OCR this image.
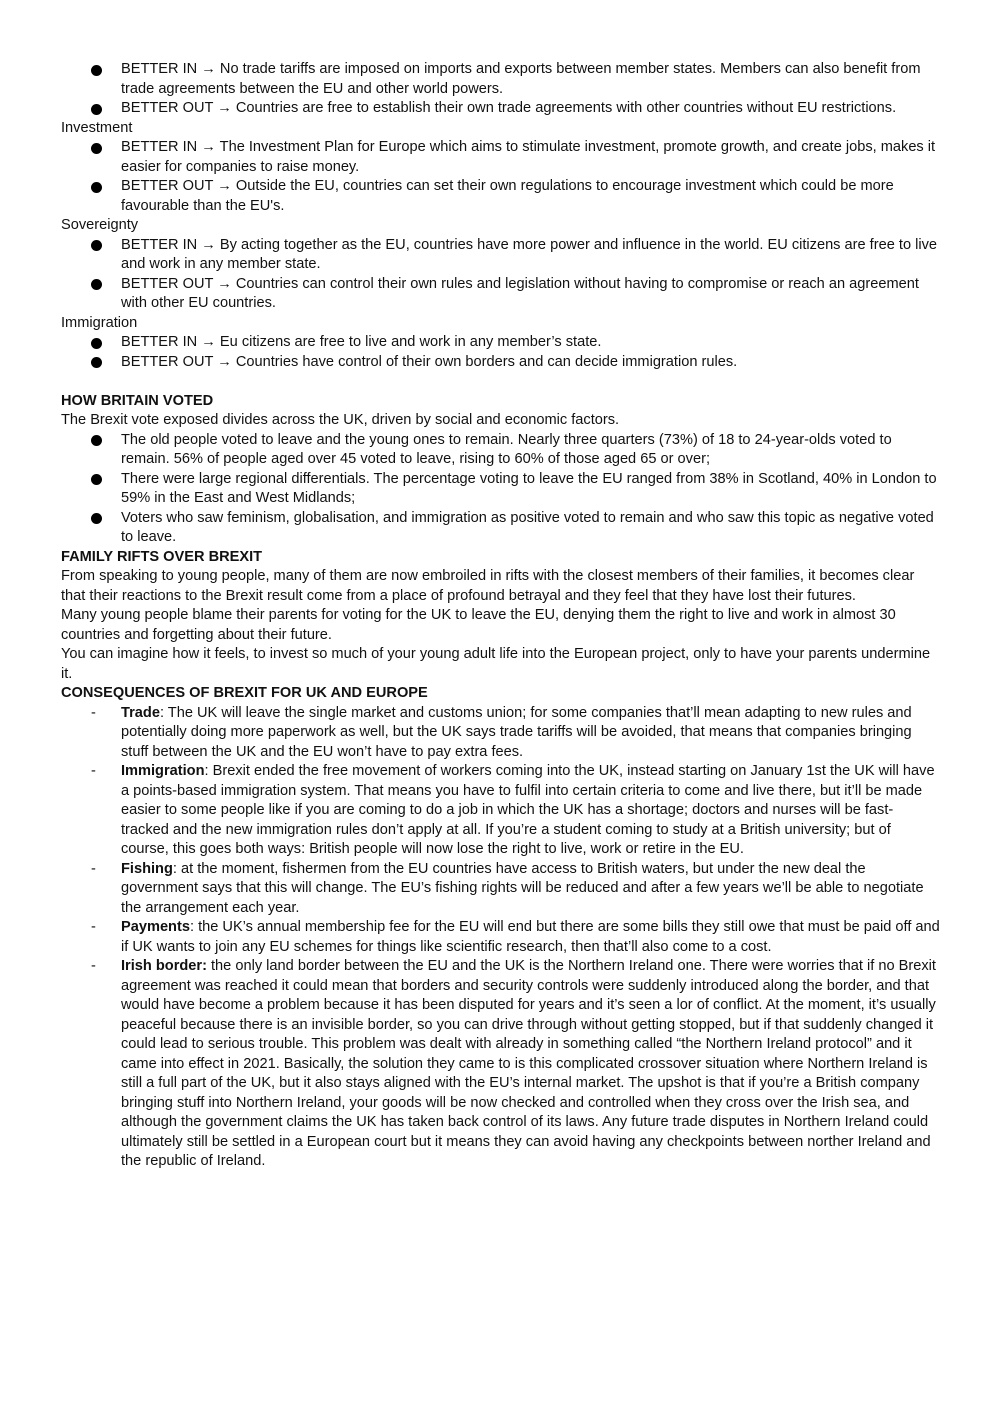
BETTER IN → No trade tariffs are imposed on imports and exports between member states. Members can also benefit from trade agreements between the EU and other world powers.
BETTER OUT → Countries are free to establish their own trade agreements with other countries without EU restrictions.

Investment

BETTER IN → The Investment Plan for Europe which aims to stimulate investment, promote growth, and create jobs, makes it easier for companies to raise money.
BETTER OUT → Outside the EU, countries can set their own regulations to encourage investment which could be more favourable than the EU's.

Sovereignty

BETTER IN → By acting together as the EU, countries have more power and influence in the world. EU citizens are free to live and work in any member state.
BETTER OUT → Countries can control their own rules and legislation without having to compromise or reach an agreement with other EU countries.

Immigration

BETTER IN → Eu citizens are free to live and work in any member’s state.
BETTER OUT → Countries have control of their own borders and can decide immigration rules.

HOW BRITAIN VOTED

The Brexit vote exposed divides across the UK, driven by social and economic factors.

The old people voted to leave and the young ones to remain. Nearly three quarters (73%) of 18 to 24-year-olds voted to remain. 56% of people aged over 45 voted to leave, rising to 60% of those aged 65 or over;
There were large regional differentials. The percentage voting to leave the EU ranged from 38% in Scotland, 40% in London to 59% in the East and West Midlands;
Voters who saw feminism, globalisation, and immigration as positive voted to remain and who saw this topic as negative voted to leave.

FAMILY RIFTS OVER BREXIT

From speaking to young people, many of them are now embroiled in rifts with the closest members of their families, it becomes clear that their reactions to the Brexit result come from a place of profound betrayal and they feel that they have lost their futures.

Many young people blame their parents for voting for the UK to leave the EU, denying them the right to live and work in almost 30 countries and forgetting about their future.

You can imagine how it feels, to invest so much of your young adult life into the European project, only to have your parents undermine it.

CONSEQUENCES OF BREXIT FOR UK AND EUROPE

- Trade: The UK will leave the single market and customs union; for some companies that’ll mean adapting to new rules and potentially doing more paperwork as well, but the UK says trade tariffs will be avoided, that means that companies bringing stuff between the UK and the EU won’t have to pay extra fees.
- Immigration: Brexit ended the free movement of workers coming into the UK, instead starting on January 1st the UK will have a points-based immigration system. That means you have to fulfil into certain criteria to come and live there, but it’ll be made easier to some people like if you are coming to do a job in which the UK has a shortage; doctors and nurses will be fast-tracked and the new immigration rules don’t apply at all. If you’re a student coming to study at a British university; but of course, this goes both ways: British people will now lose the right to live, work or retire in the EU.
- Fishing: at the moment, fishermen from the EU countries have access to British waters, but under the new deal the government says that this will change. The EU’s fishing rights will be reduced and after a few years we’ll be able to negotiate the arrangement each year.
- Payments: the UK’s annual membership fee for the EU will end but there are some bills they still owe that must be paid off and if UK wants to join any EU schemes for things like scientific research, then that’ll also come to a cost.
- Irish border: the only land border between the EU and the UK is the Northern Ireland one. There were worries that if no Brexit agreement was reached it could mean that borders and security controls were suddenly introduced along the border, and that would have become a problem because it has been disputed for years and it’s seen a lor of conflict. At the moment, it’s usually peaceful because there is an invisible border, so you can drive through without getting stopped, but if that suddenly changed it could lead to serious trouble. This problem was dealt with already in something called “the Northern Ireland protocol” and it came into effect in 2021. Basically, the solution they came to is this complicated crossover situation where Northern Ireland is still a full part of the UK, but it also stays aligned with the EU’s internal market. The upshot is that if you’re a British company bringing stuff into Northern Ireland, your goods will be now checked and controlled when they cross over the Irish sea, and although the government claims the UK has taken back control of its laws. Any future trade disputes in Northern Ireland could ultimately still be settled in a European court but it means they can avoid having any checkpoints between norther Ireland and the republic of Ireland.
